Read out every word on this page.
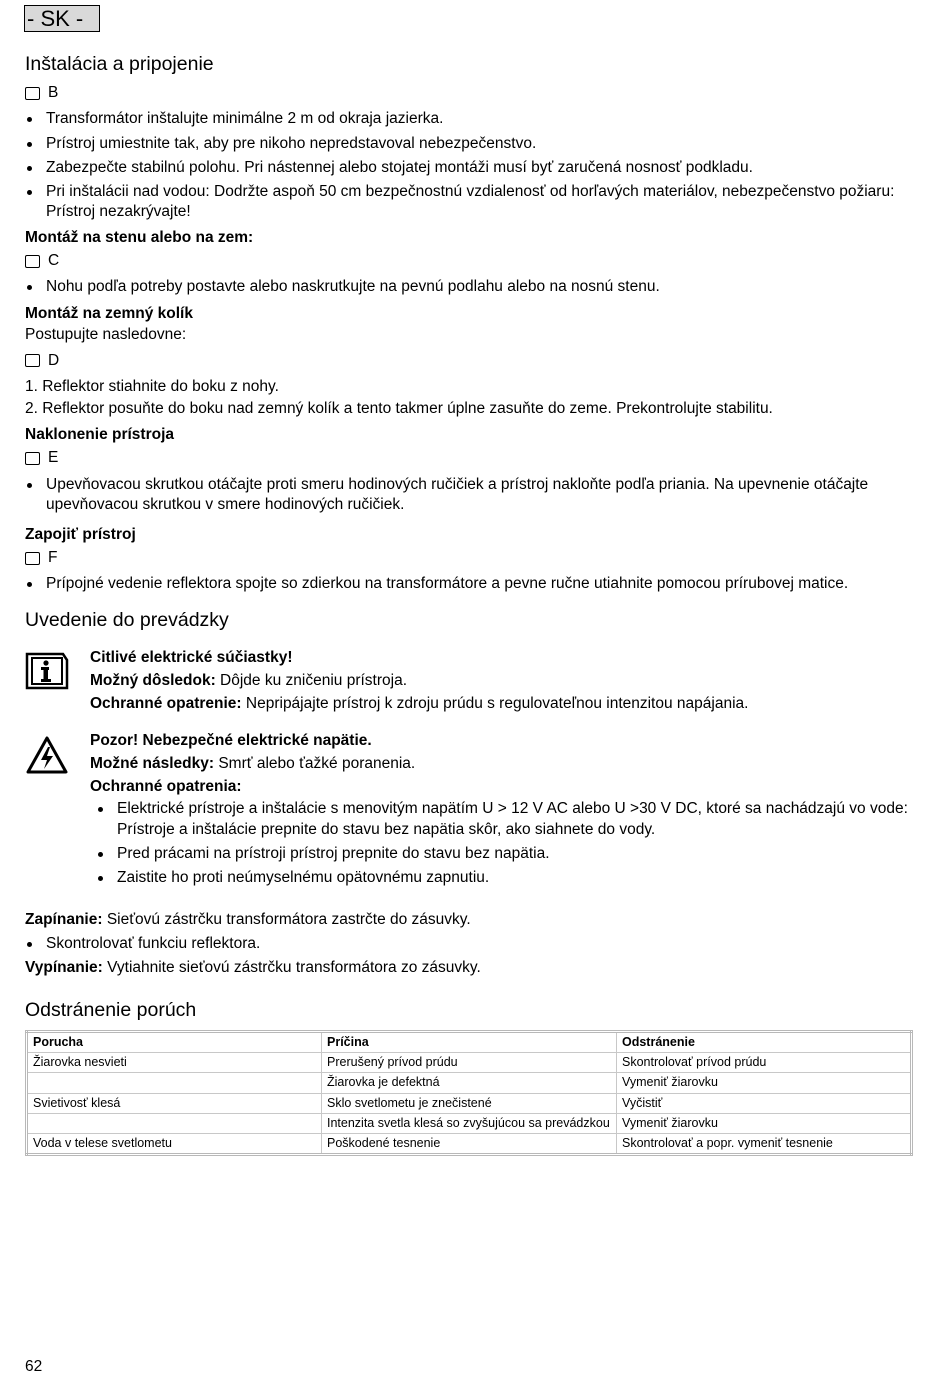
- SK -
Inštalácia a pripojenie
B
Transformátor inštalujte minimálne 2 m od okraja jazierka.
Prístroj umiestnite tak, aby pre nikoho nepredstavoval nebezpečenstvo.
Zabezpečte stabilnú polohu. Pri nástennej alebo stojatej montáži musí byť zaručená nosnosť podkladu.
Pri inštalácii nad vodou: Dodržte aspoň 50 cm bezpečnostnú vzdialenosť od horľavých materiálov, nebezpečenstvo požiaru: Prístroj nezakrývajte!
Montáž na stenu alebo na zem:
C
Nohu podľa potreby postavte alebo naskrutkujte na pevnú podlahu alebo na nosnú stenu.
Montáž na zemný kolík

Postupujte nasledovne:

D
1. Reflektor stiahnite do boku z nohy.
2. Reflektor posuňte do boku nad zemný kolík a tento takmer úplne zasuňte do zeme. Prekontrolujte stabilitu.
Naklonenie prístroja
E
Upevňovacou skrutkou otáčajte proti smeru hodinových ručičiek a prístroj nakloňte podľa priania. Na upevnenie otáčajte upevňovacou skrutkou v smere hodinových ručičiek.
Zapojiť prístroj
F
Prípojné vedenie reflektora spojte so zdierkou na transformátore a pevne ručne utiahnite pomocou prírubovej matice.
Uvedenie do prevádzky

Citlivé elektrické súčiastky!

Možný dôsledok: Dôjde ku zničeniu prístroja.

Ochranné opatrenie: Nepripájajte prístroj k zdroju prúdu s regulovateľnou intenzitou napájania.

Pozor! Nebezpečné elektrické napätie.

Možné následky: Smrť alebo ťažké poranenia.

Ochranné opatrenia:

Elektrické prístroje a inštalácie s menovitým napätím U > 12 V AC alebo U >30 V DC, ktoré sa nachádzajú vo vode: Prístroje a inštalácie prepnite do stavu bez napätia skôr, ako siahnete do vody.
Pred prácami na prístroji prístroj prepnite do stavu bez napätia.
Zaistite ho proti neúmyselnému opätovnému zapnutiu.

Zapínanie: Sieťovú zástrčku transformátora zastrčte do zásuvky.

Skontrolovať funkciu reflektora.

Vypínanie: Vytiahnite sieťovú zástrčku transformátora zo zásuvky.

Odstránenie porúch
Porucha	Príčina	Odstránenie
Žiarovka nesvieti	Prerušený prívod prúdu	Skontrolovať prívod prúdu
	Žiarovka je defektná	Vymeniť žiarovku
Svietivosť klesá	Sklo svetlometu je znečistené	Vyčistiť
	Intenzita svetla klesá so zvyšujúcou sa prevádzkou	Vymeniť žiarovku
Voda v telese svetlometu	Poškodené tesnenie	Skontrolovať a popr. vymeniť tesnenie
62
